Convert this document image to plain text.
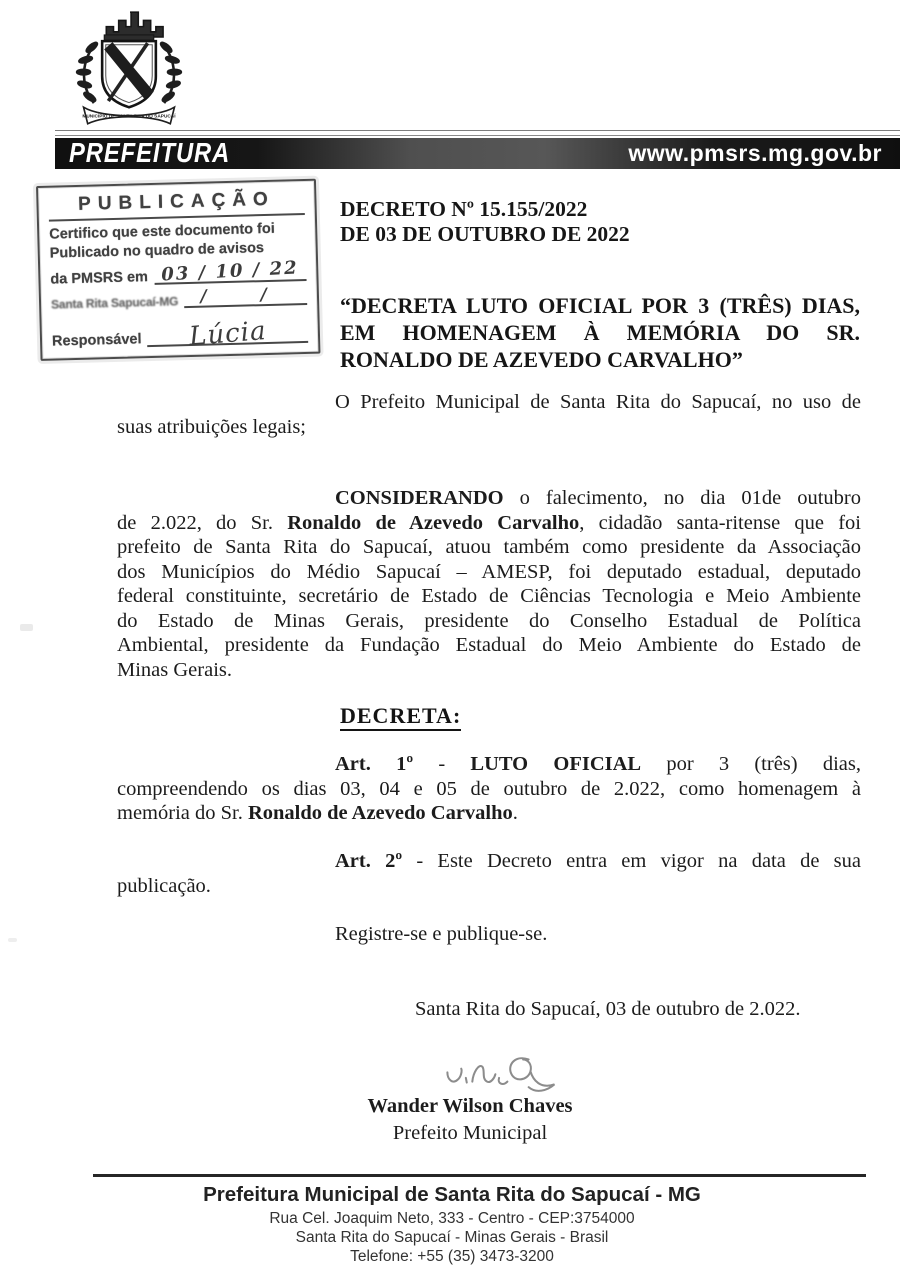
MUNICÍPIO DE SANTA RITA DO SAPUCAÍ
PREFEITURA	www.pmsrs.mg.gov.br
PUBLICAÇÃO
Certifico que este documento foi
Publicado no quadro de avisos
da PMSRS em 03 / 10 / 22
Santa Rita Sapucaí-MG	/ /
Responsável	Lúcia
DECRETO Nº 15.155/2022
DE 03 DE OUTUBRO DE 2022
“DECRETA LUTO OFICIAL POR 3 (TRÊS) DIAS,
EM HOMENAGEM À MEMÓRIA DO SR.
RONALDO DE AZEVEDO CARVALHO”
O Prefeito Municipal de Santa Rita do Sapucaí, no uso de
suas atribuições legais;
CONSIDERANDO o falecimento, no dia 01de outubro
de 2.022, do Sr. Ronaldo de Azevedo Carvalho, cidadão santa-ritense que foi
prefeito de Santa Rita do Sapucaí, atuou também como presidente da Associação
dos Municípios do Médio Sapucaí – AMESP, foi deputado estadual, deputado
federal constituinte, secretário de Estado de Ciências Tecnologia e Meio Ambiente
do Estado de Minas Gerais, presidente do Conselho Estadual de Política
Ambiental, presidente da Fundação Estadual do Meio Ambiente do Estado de
Minas Gerais.
DECRETA:
Art. 1º - LUTO OFICIAL por 3 (três) dias,
compreendendo os dias 03, 04 e 05 de outubro de 2.022, como homenagem à
memória do Sr. Ronaldo de Azevedo Carvalho.
Art. 2º - Este Decreto entra em vigor na data de sua
publicação.
Registre-se e publique-se.
Santa Rita do Sapucaí, 03 de outubro de 2.022.
Wander Wilson Chaves
Prefeito Municipal
Prefeitura Municipal de Santa Rita do Sapucaí - MG
Rua Cel. Joaquim Neto, 333 - Centro - CEP:3754000
Santa Rita do Sapucaí - Minas Gerais - Brasil
Telefone: +55 (35) 3473-3200
